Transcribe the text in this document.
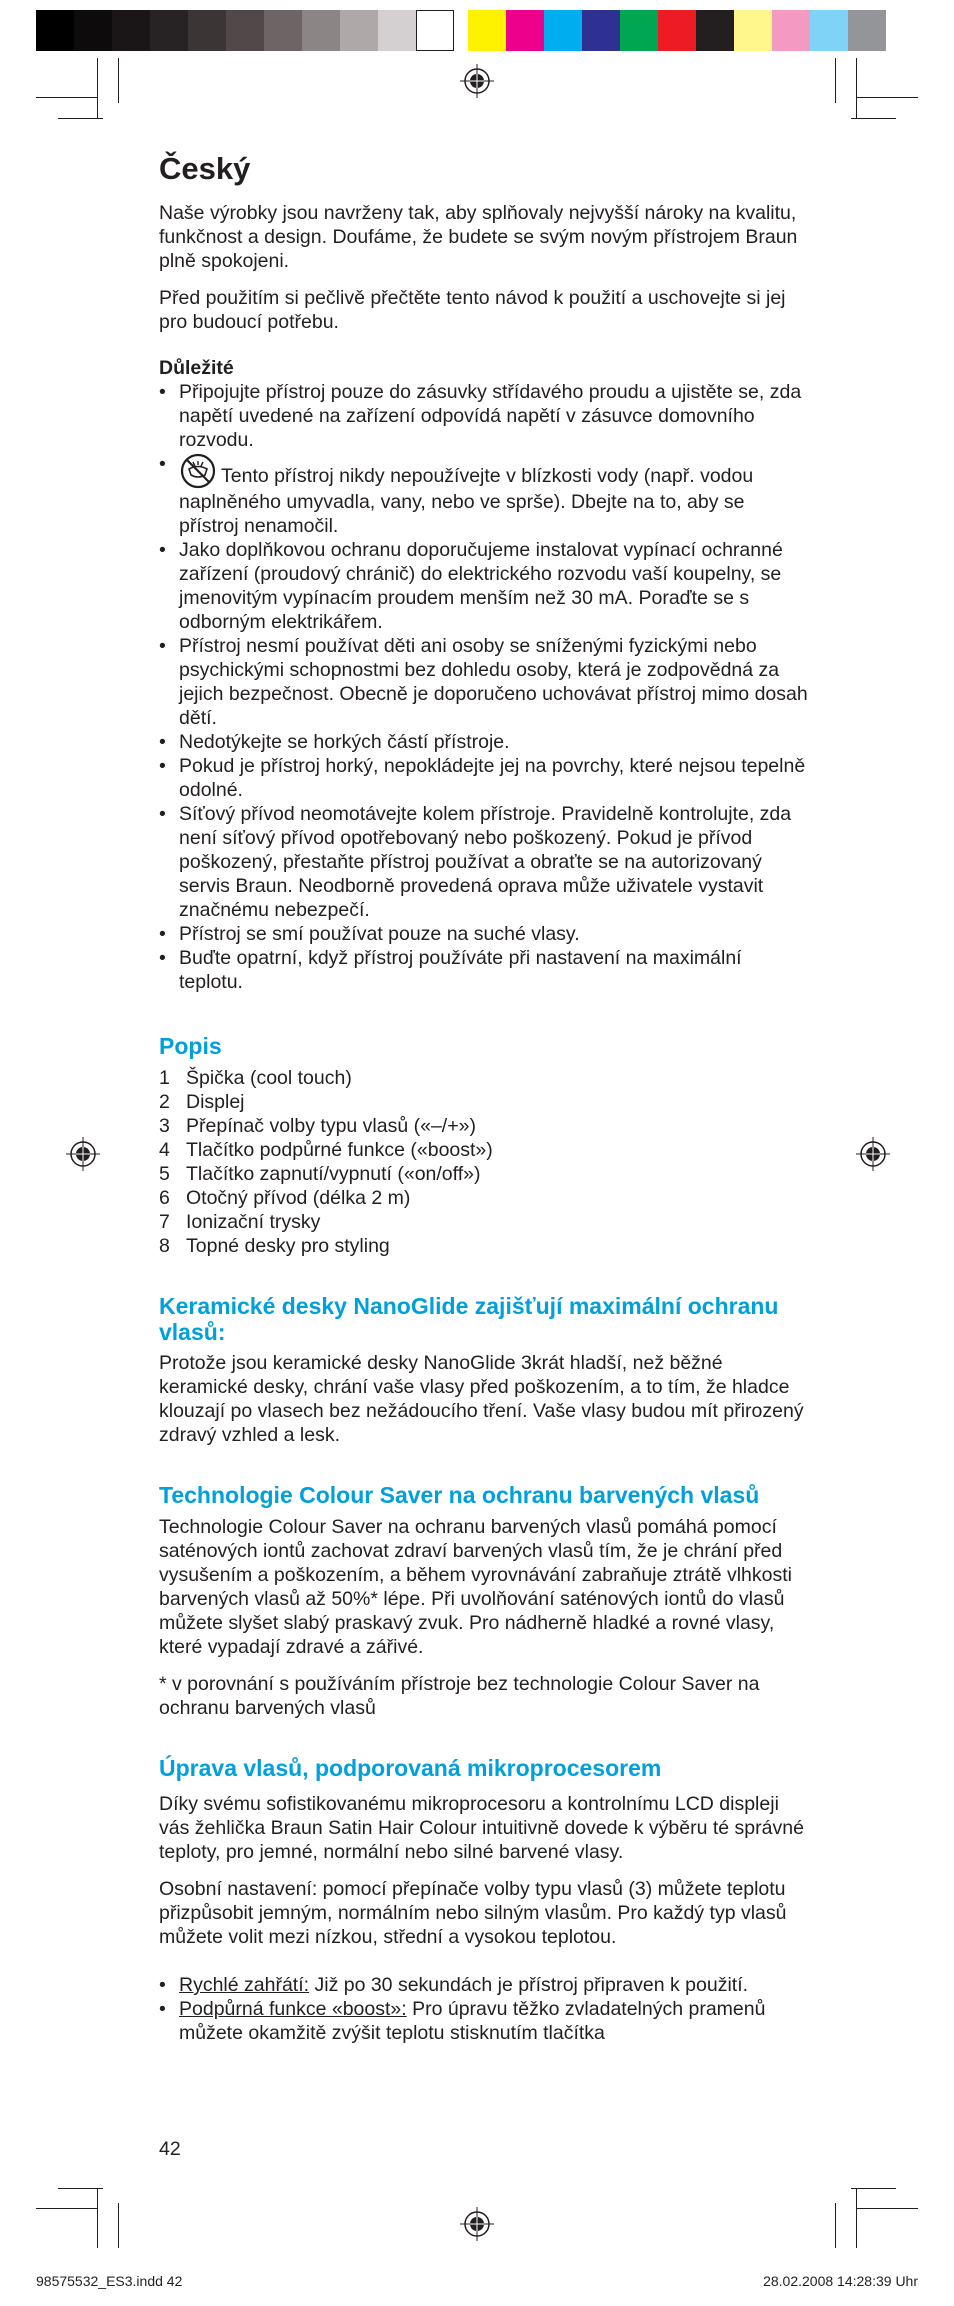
Český

Naše výrobky jsou navrženy tak, aby splňovaly nejvyšší nároky na kvalitu, funkčnost a design. Doufáme, že budete se svým novým přístrojem Braun plně spokojeni.

Před použitím si pečlivě přečtěte tento návod k použití a uschovejte si jej pro budoucí potřebu.

Důležité
• Připojujte přístroj pouze do zásuvky střídavého proudu a ujistěte se, zda napětí uvedené na zařízení odpovídá napětí v zásuvce domovního rozvodu.
•
Tento přístroj nikdy nepoužívejte v blízkosti vody (např. vodou naplněného umyvadla, vany, nebo ve sprše). Dbejte na to, aby se přístroj nenamočil.
• Jako doplňkovou ochranu doporučujeme instalovat vypínací ochranné zařízení (proudový chránič) do elektrického rozvodu vaší koupelny, se jmenovitým vypínacím proudem menším než 30 mA. Poraďte se s odborným elektrikářem.
• Přístroj nesmí používat děti ani osoby se sníženými fyzickými nebo psychickými schopnostmi bez dohledu osoby, která je zodpovědná za jejich bezpečnost. Obecně je doporučeno uchovávat přístroj mimo dosah dětí.
• Nedotýkejte se horkých částí přístroje.
• Pokud je přístroj horký, nepokládejte jej na povrchy, které nejsou tepelně odolné.
• Síťový přívod neomotávejte kolem přístroje. Pravidelně kontrolujte, zda není síťový přívod opotřebovaný nebo poškozený. Pokud je přívod poškozený, přestaňte přístroj používat a obraťte se na autorizovaný servis Braun. Neodborně provedená oprava může uživatele vystavit značnému nebezpečí.
• Přístroj se smí používat pouze na suché vlasy.
• Buďte opatrní, když přístroj používáte při nastavení na maximální teplotu.
Popis
1 Špička (cool touch)
2 Displej
3 Přepínač volby typu vlasů («–/+»)
4 Tlačítko podpůrné funkce («boost»)
5 Tlačítko zapnutí/vypnutí («on/off»)
6 Otočný přívod (délka 2 m)
7 Ionizační trysky
8 Topné desky pro styling
Keramické desky NanoGlide zajišťují maximální ochranu vlasů:

Protože jsou keramické desky NanoGlide 3krát hladší, než běžné keramické desky, chrání vaše vlasy před poškozením, a to tím, že hladce klouzají po vlasech bez nežádoucího tření. Vaše vlasy budou mít přirozený zdravý vzhled a lesk.

Technologie Colour Saver na ochranu barvených vlasů

Technologie Colour Saver na ochranu barvených vlasů pomáhá pomocí saténových iontů zachovat zdraví barvených vlasů tím, že je chrání před vysušením a poškozením, a během vyrovnávání zabraňuje ztrátě vlhkosti barvených vlasů až 50%* lépe. Při uvolňování saténových iontů do vlasů můžete slyšet slabý praskavý zvuk. Pro nádherně hladké a rovné vlasy, které vypadají zdravé a zářivé.

* v porovnání s používáním přístroje bez technologie Colour Saver na ochranu barvených vlasů

Úprava vlasů, podporovaná mikroprocesorem

Díky svému sofistikovanému mikroprocesoru a kontrolnímu LCD displeji vás žehlička Braun Satin Hair Colour intuitivně dovede k výběru té správné teploty, pro jemné, normální nebo silné barvené vlasy.

Osobní nastavení: pomocí přepínače volby typu vlasů (3) můžete teplotu přizpůsobit jemným, normálním nebo silným vlasům. Pro každý typ vlasů můžete volit mezi nízkou, střední a vysokou teplotou.

• Rychlé zahřátí: Již po 30 sekundách je přístroj připraven k použití.
• Podpůrná funkce «boost»: Pro úpravu těžko zvladatelných pramenů můžete okamžitě zvýšit teplotu stisknutím tlačítka
42
98575532_ES3.indd 42	28.02.2008 14:28:39 Uhr
